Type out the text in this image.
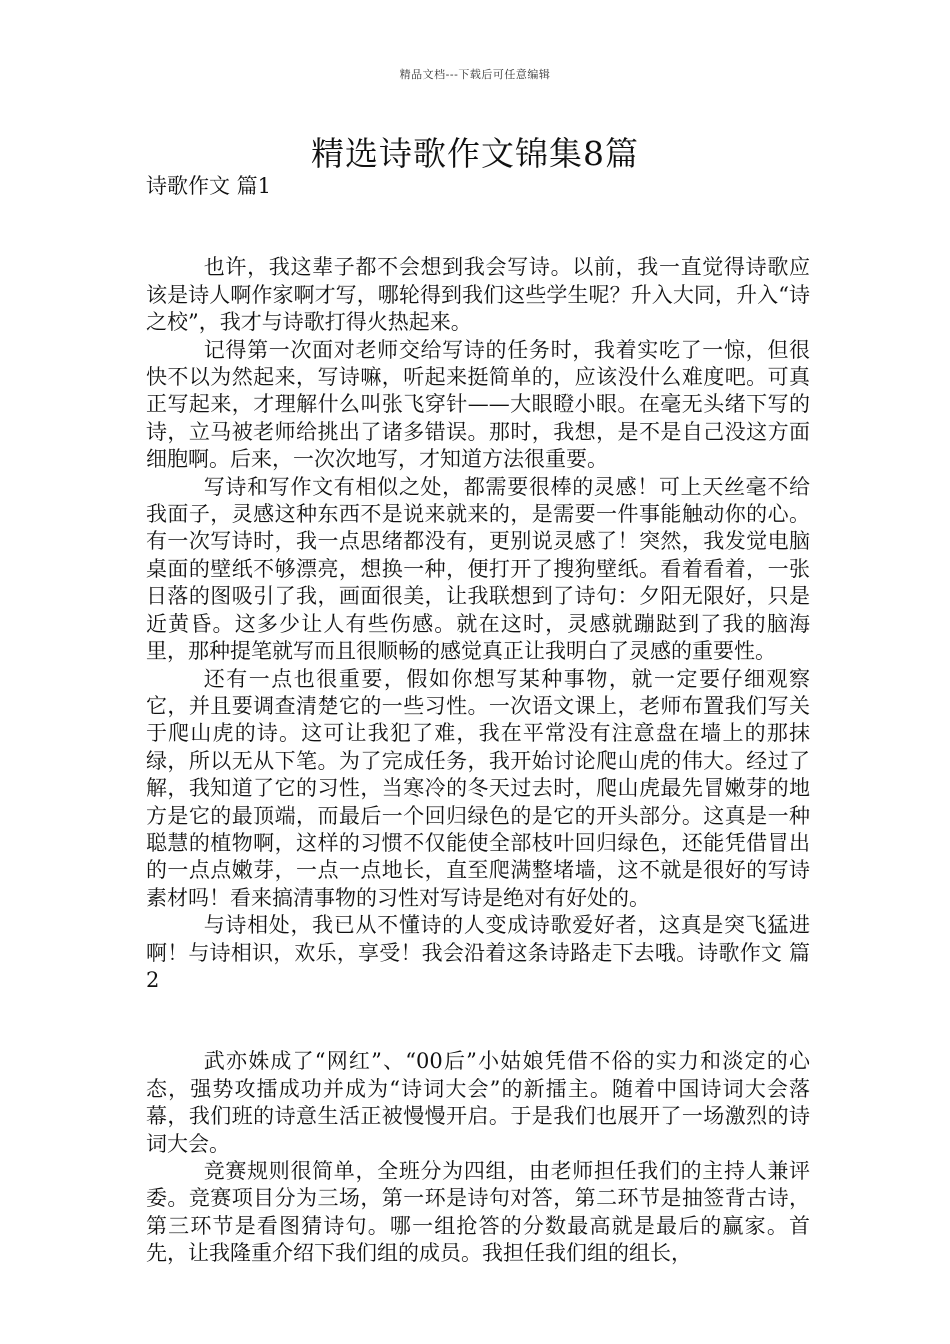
精品文档---下载后可任意编辑
精选诗歌作文锦集8篇

诗歌作文 篇1

也许，我这辈子都不会想到我会写诗。以前，我一直觉得诗歌应该是诗人啊作家啊才写，哪轮得到我们这些学生呢？升入大同，升入“诗之校”，我才与诗歌打得火热起来。

记得第一次面对老师交给写诗的任务时，我着实吃了一惊，但很快不以为然起来，写诗嘛，听起来挺简单的，应该没什么难度吧。可真正写起来，才理解什么叫张飞穿针——大眼瞪小眼。在毫无头绪下写的诗，立马被老师给挑出了诸多错误。那时，我想，是不是自己没这方面细胞啊。后来，一次次地写，才知道方法很重要。

写诗和写作文有相似之处，都需要很棒的灵感！可上天丝毫不给我面子，灵感这种东西不是说来就来的，是需要一件事能触动你的心。有一次写诗时，我一点思绪都没有，更别说灵感了！突然，我发觉电脑桌面的壁纸不够漂亮，想换一种，便打开了搜狗壁纸。看着看着，一张日落的图吸引了我，画面很美，让我联想到了诗句：夕阳无限好，只是近黄昏。这多少让人有些伤感。就在这时，灵感就蹦跶到了我的脑海里，那种提笔就写而且很顺畅的感觉真正让我明白了灵感的重要性。

还有一点也很重要，假如你想写某种事物，就一定要仔细观察它，并且要调查清楚它的一些习性。一次语文课上，老师布置我们写关于爬山虎的诗。这可让我犯了难，我在平常没有注意盘在墙上的那抹绿，所以无从下笔。为了完成任务，我开始讨论爬山虎的伟大。经过了解，我知道了它的习性，当寒冷的冬天过去时，爬山虎最先冒嫩芽的地方是它的最顶端，而最后一个回归绿色的是它的开头部分。这真是一种聪慧的植物啊，这样的习惯不仅能使全部枝叶回归绿色，还能凭借冒出的一点点嫩芽，一点一点地长，直至爬满整堵墙，这不就是很好的写诗素材吗！看来搞清事物的习性对写诗是绝对有好处的。

与诗相处，我已从不懂诗的人变成诗歌爱好者，这真是突飞猛进啊！与诗相识，欢乐，享受！我会沿着这条诗路走下去哦。诗歌作文 篇2

武亦姝成了“网红”、“00后”小姑娘凭借不俗的实力和淡定的心态，强势攻擂成功并成为“诗词大会”的新擂主。随着中国诗词大会落幕，我们班的诗意生活正被慢慢开启。于是我们也展开了一场激烈的诗词大会。

竞赛规则很简单，全班分为四组，由老师担任我们的主持人兼评委。竞赛项目分为三场，第一环是诗句对答，第二环节是抽签背古诗，第三环节是看图猜诗句。哪一组抢答的分数最高就是最后的赢家。首先，让我隆重介绍下我们组的成员。我担任我们组的组长，
